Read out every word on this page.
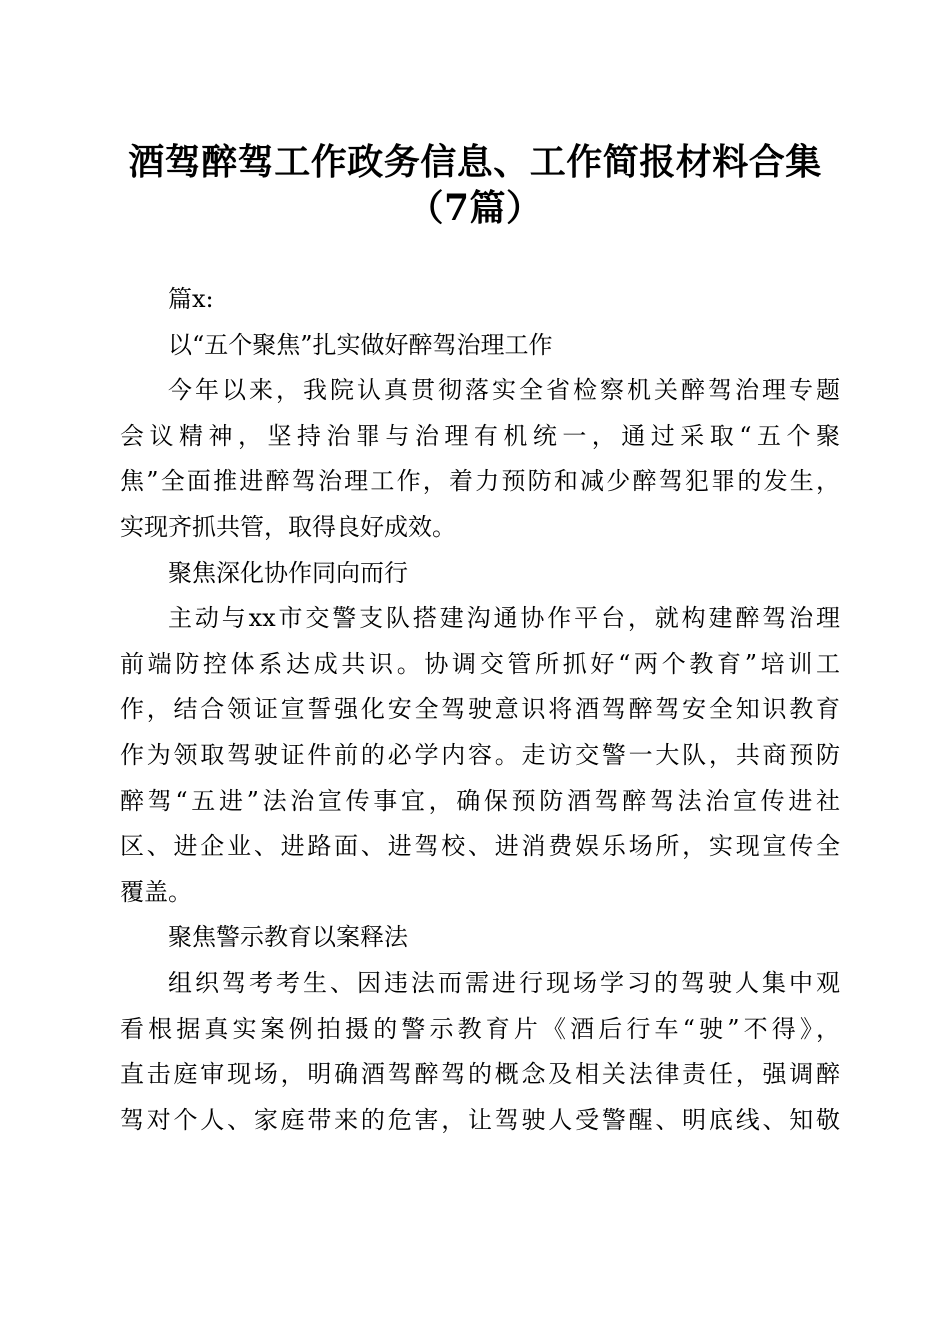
酒驾醉驾工作政务信息、工作简报材料合集
（7篇）
篇x:
以“五个聚焦”扎实做好醉驾治理工作
今年以来，我院认真贯彻落实全省检察机关醉驾治理专题
会议精神，坚持治罪与治理有机统一，通过采取“五个聚
焦”全面推进醉驾治理工作，着力预防和减少醉驾犯罪的发生，
实现齐抓共管，取得良好成效。
聚焦深化协作同向而行
主动与xx市交警支队搭建沟通协作平台，就构建醉驾治理
前端防控体系达成共识。协调交管所抓好“两个教育”培训工
作，结合领证宣誓强化安全驾驶意识将酒驾醉驾安全知识教育
作为领取驾驶证件前的必学内容。走访交警一大队，共商预防
醉驾“五进”法治宣传事宜，确保预防酒驾醉驾法治宣传进社
区、进企业、进路面、进驾校、进消费娱乐场所，实现宣传全
覆盖。
聚焦警示教育以案释法
组织驾考考生、因违法而需进行现场学习的驾驶人集中观
看根据真实案例拍摄的警示教育片《酒后行车“驶”不得》，
直击庭审现场，明确酒驾醉驾的概念及相关法律责任，强调醉
驾对个人、家庭带来的危害，让驾驶人受警醒、明底线、知敬
